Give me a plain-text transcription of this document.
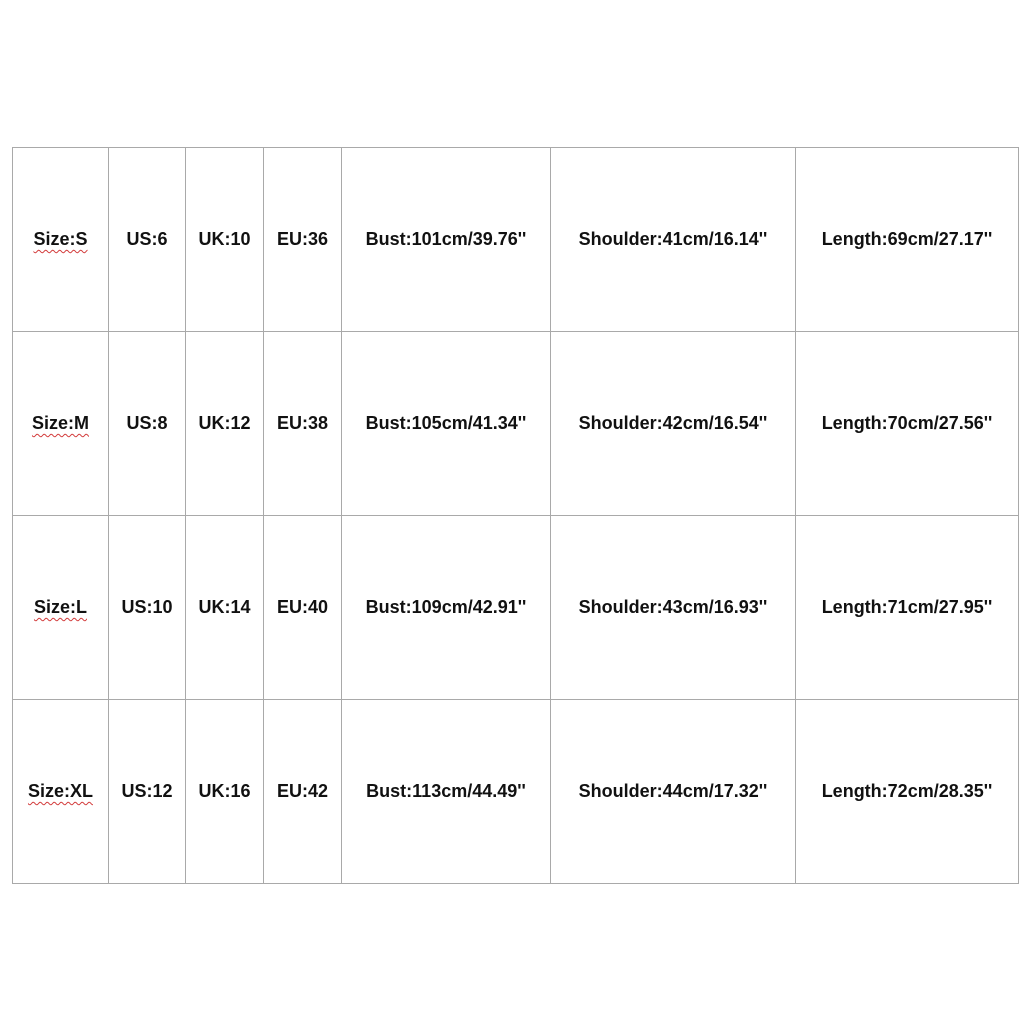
Size:S	US:6	UK:10	EU:36	Bust:101cm/39.76''	Shoulder:41cm/16.14''	Length:69cm/27.17''
Size:M	US:8	UK:12	EU:38	Bust:105cm/41.34''	Shoulder:42cm/16.54''	Length:70cm/27.56''
Size:L	US:10	UK:14	EU:40	Bust:109cm/42.91''	Shoulder:43cm/16.93''	Length:71cm/27.95''
Size:XL	US:12	UK:16	EU:42	Bust:113cm/44.49''	Shoulder:44cm/17.32''	Length:72cm/28.35''
